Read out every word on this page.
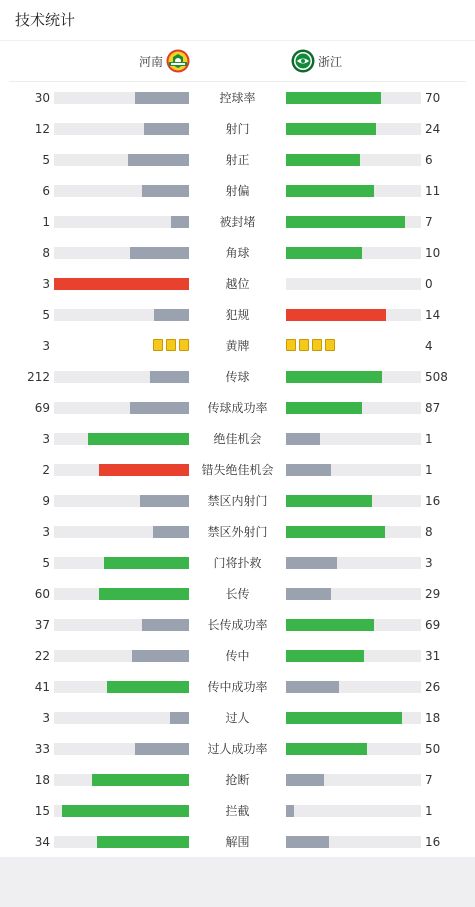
技术统计
河南	浙江
30	控球率	70
12	射门	24
5	射正	6
6	射偏	11
1	被封堵	7
8	角球	10
3	越位	0
5	犯规	14
3	黄牌	4
212	传球	508
69	传球成功率	87
3	绝佳机会	1
2	错失绝佳机会	1
9	禁区内射门	16
3	禁区外射门	8
5	门将扑救	3
60	长传	29
37	长传成功率	69
22	传中	31
41	传中成功率	26
3	过人	18
33	过人成功率	50
18	抢断	7
15	拦截	1
34	解围	16
